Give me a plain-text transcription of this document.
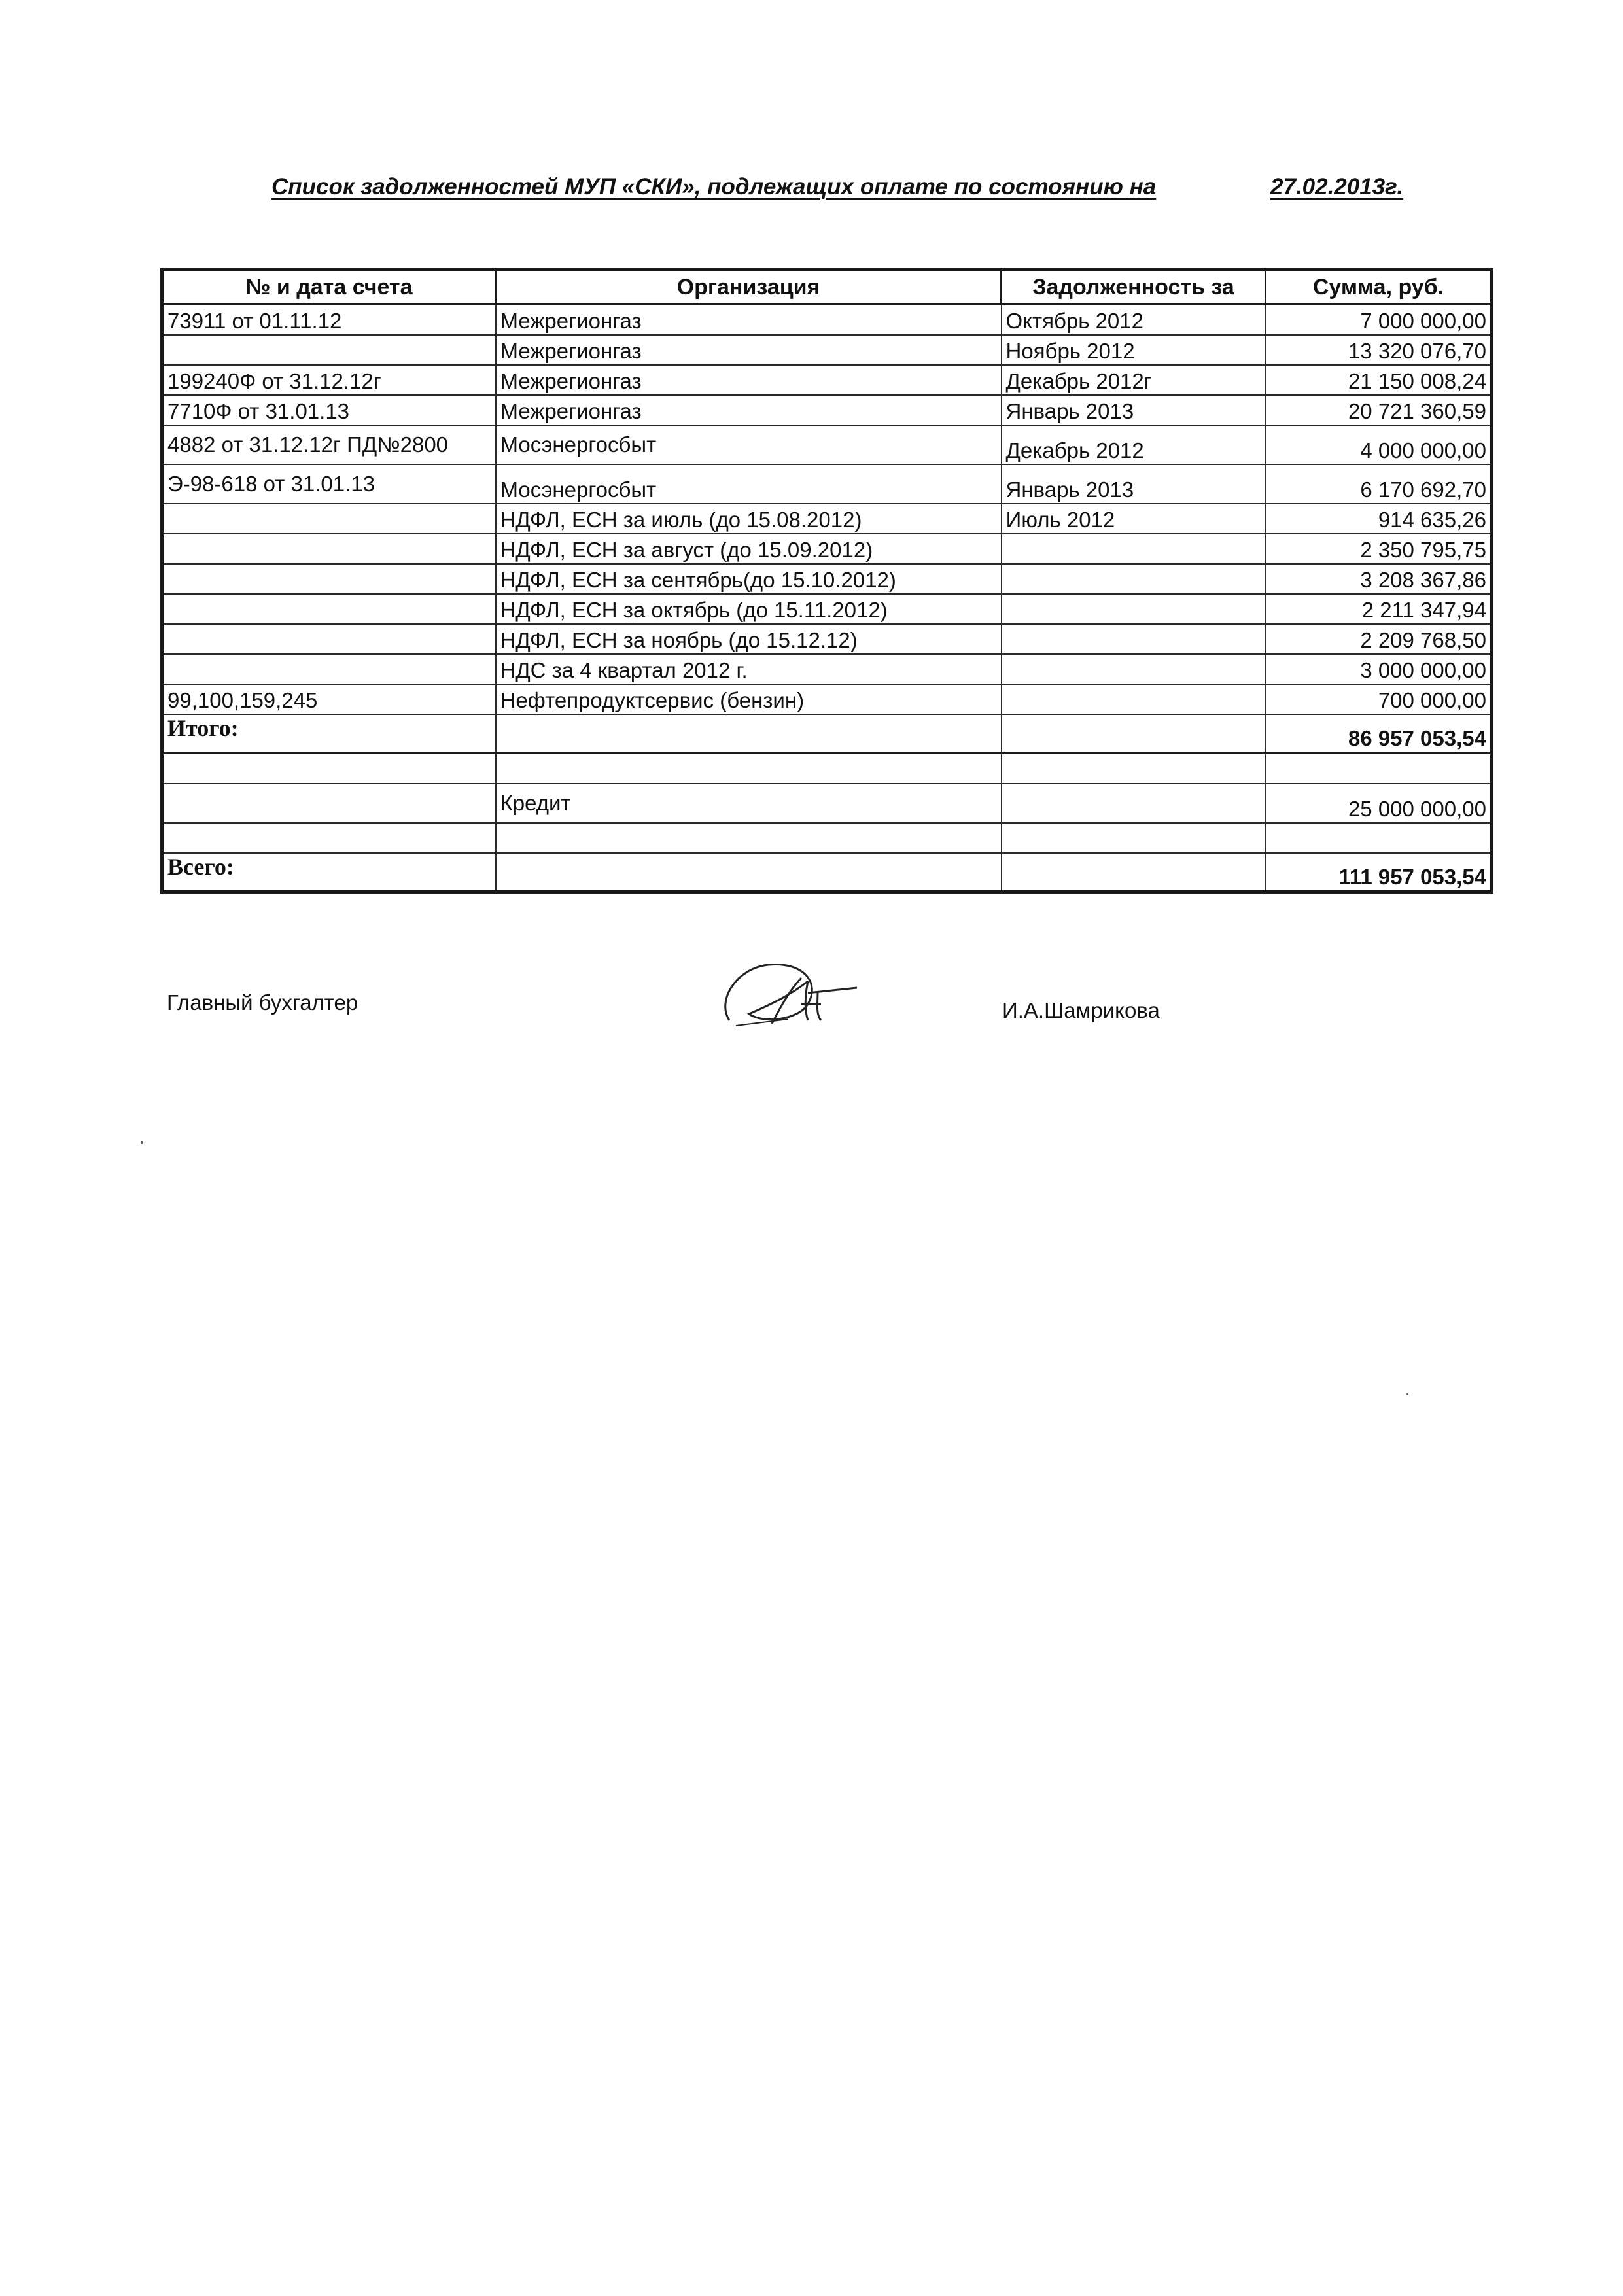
Список задолженностей МУП «СКИ», подлежащих оплате по состоянию на	27.02.2013г.
№ и дата счета	Организация	Задолженность за	Сумма, руб.
73911 от 01.11.12	Межрегионгаз	Октябрь 2012	7 000 000,00
	Межрегионгаз	Ноябрь 2012	13 320 076,70
199240Ф от 31.12.12г	Межрегионгаз	Декабрь 2012г	21 150 008,24
7710Ф от 31.01.13	Межрегионгаз	Январь 2013	20 721 360,59
4882 от 31.12.12г ПД№2800	Мосэнергосбыт	Декабрь 2012	4 000 000,00
Э-98-618 от 31.01.13	Мосэнергосбыт	Январь 2013	6 170 692,70
	НДФЛ, ЕСН за июль (до 15.08.2012)	Июль 2012	914 635,26
	НДФЛ, ЕСН за август (до 15.09.2012)		2 350 795,75
	НДФЛ, ЕСН за сентябрь(до 15.10.2012)		3 208 367,86
	НДФЛ, ЕСН за октябрь (до 15.11.2012)		2 211 347,94
	НДФЛ, ЕСН за ноябрь (до 15.12.12)		2 209 768,50
	НДС за 4 квартал 2012 г.		3 000 000,00
99,100,159,245	Нефтепродуктсервис (бензин)		700 000,00
Итого:			86 957 053,54

	Кредит		25 000 000,00

Всего:			111 957 053,54
Главный бухгалтер	И.А.Шамрикова
